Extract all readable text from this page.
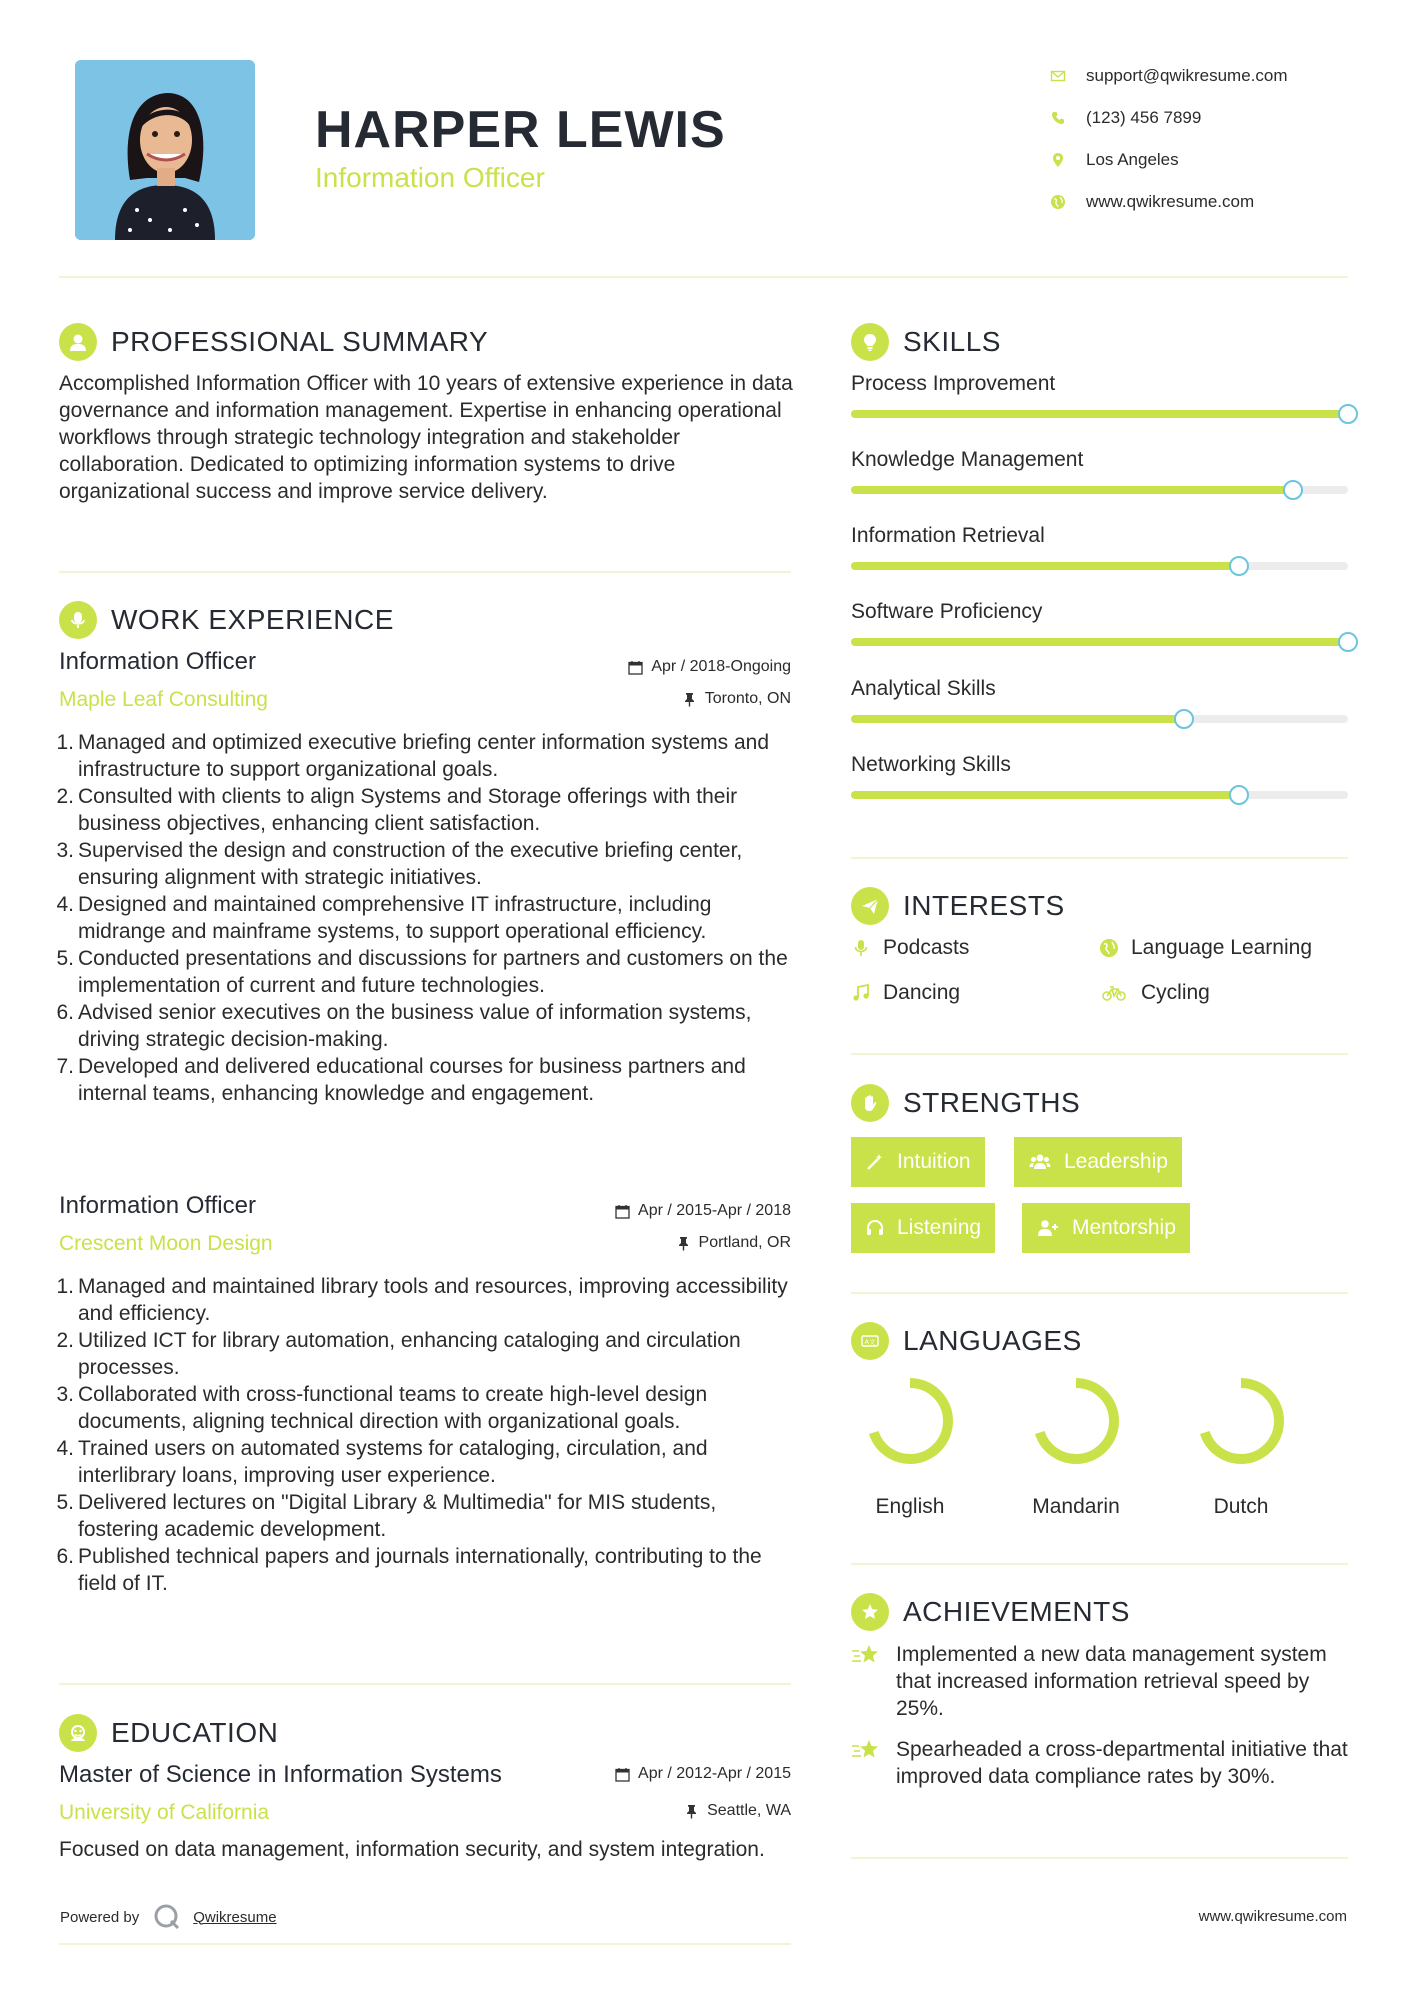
HARPER LEWIS
Information Officer
support@qwikresume.com
(123) 456 7899
Los Angeles
www.qwikresume.com
PROFESSIONAL SUMMARY
Accomplished Information Officer with 10 years of extensive experience in data governance and information management. Expertise in enhancing operational workflows through strategic technology integration and stakeholder collaboration. Dedicated to optimizing information systems to drive organizational success and improve service delivery.
WORK EXPERIENCE
Information Officer	Apr / 2018-Ongoing
Maple Leaf Consulting	Toronto, ON
1. Managed and optimized executive briefing center information systems and infrastructure to support organizational goals.
2. Consulted with clients to align Systems and Storage offerings with their business objectives, enhancing client satisfaction.
3. Supervised the design and construction of the executive briefing center, ensuring alignment with strategic initiatives.
4. Designed and maintained comprehensive IT infrastructure, including midrange and mainframe systems, to support operational efficiency.
5. Conducted presentations and discussions for partners and customers on the implementation of current and future technologies.
6. Advised senior executives on the business value of information systems, driving strategic decision-making.
7. Developed and delivered educational courses for business partners and internal teams, enhancing knowledge and engagement.
Information Officer	Apr / 2015-Apr / 2018
Crescent Moon Design	Portland, OR
1. Managed and maintained library tools and resources, improving accessibility and efficiency.
2. Utilized ICT for library automation, enhancing cataloging and circulation processes.
3. Collaborated with cross-functional teams to create high-level design documents, aligning technical direction with organizational goals.
4. Trained users on automated systems for cataloging, circulation, and interlibrary loans, improving user experience.
5. Delivered lectures on "Digital Library & Multimedia" for MIS students, fostering academic development.
6. Published technical papers and journals internationally, contributing to the field of IT.
EDUCATION
Master of Science in Information Systems	Apr / 2012-Apr / 2015
University of California	Seattle, WA
Focused on data management, information security, and system integration.
SKILLS
Process Improvement
Knowledge Management
Information Retrieval
Software Proficiency
Analytical Skills
Networking Skills
INTERESTS
Podcasts	Language Learning
Dancing	Cycling
STRENGTHS
Intuition	Leadership
Listening	Mentorship
A文 LANGUAGES
English	Mandarin	Dutch
ACHIEVEMENTS
Implemented a new data management system that increased information retrieval speed by 25%.
Spearheaded a cross-departmental initiative that improved data compliance rates by 30%.
Powered by	Qwikresume	www.qwikresume.com
